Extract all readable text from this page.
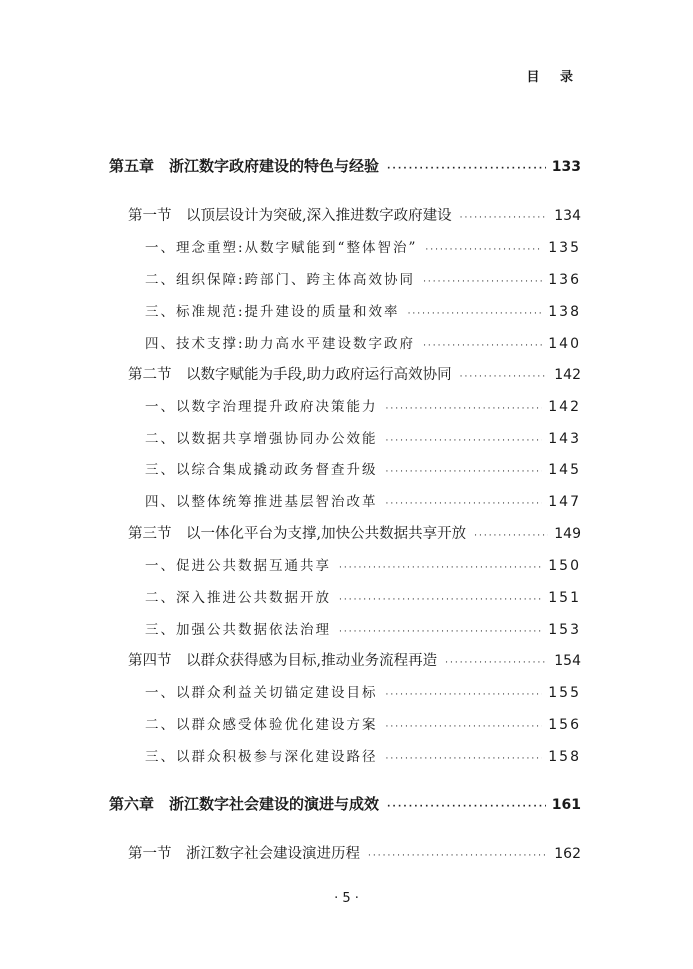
目 录
第五章　浙江数字政府建设的特色与经验 ·····	133
第一节　以顶层设计为突破,深入推进数字政府建设 ·····	134
一、理念重塑:从数字赋能到“整体智治” ·····	135
二、组织保障:跨部门、跨主体高效协同 ·····	136
三、标准规范:提升建设的质量和效率 ·····	138
四、技术支撑:助力高水平建设数字政府 ·····	140
第二节　以数字赋能为手段,助力政府运行高效协同 ·····	142
一、以数字治理提升政府决策能力 ·····	142
二、以数据共享增强协同办公效能 ·····	143
三、以综合集成撬动政务督查升级 ·····	145
四、以整体统筹推进基层智治改革 ·····	147
第三节　以一体化平台为支撑,加快公共数据共享开放 ·····	149
一、促进公共数据互通共享 ·····	150
二、深入推进公共数据开放 ·····	151
三、加强公共数据依法治理 ·····	153
第四节　以群众获得感为目标,推动业务流程再造 ·····	154
一、以群众利益关切锚定建设目标 ·····	155
二、以群众感受体验优化建设方案 ·····	156
三、以群众积极参与深化建设路径 ·····	158
第六章　浙江数字社会建设的演进与成效 ·····	161
第一节　浙江数字社会建设演进历程 ·····	162
· 5 ·
